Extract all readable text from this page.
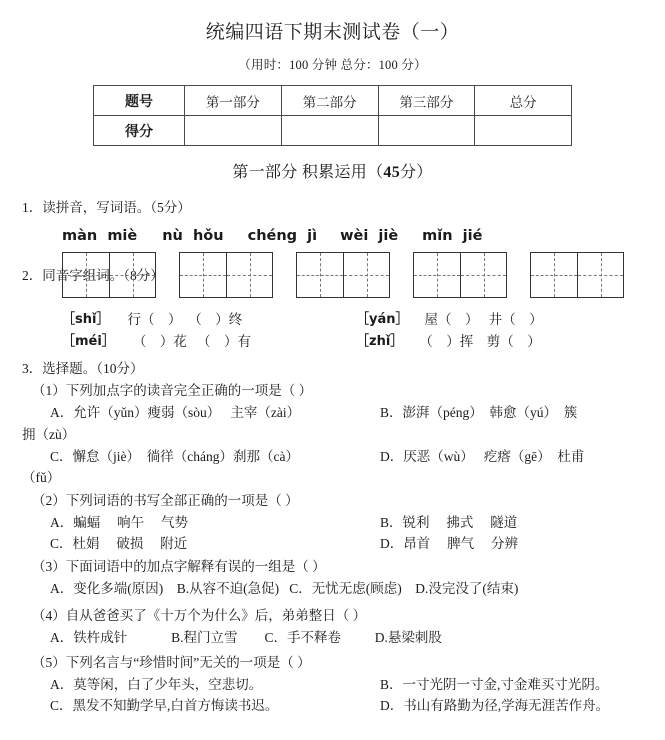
统编四语下期末测试卷（一）
（用时：100 分钟 总分：100 分）
题号	第一部分	第二部分	第三部分	总分
得分				
第一部分 积累运用（45分）
1．读拼音，写词语。（5分）
màn  miè nù  hǒu chéng  jì wèi  jiè mǐn  jié
2．同音字组词。（8分）
［shǐ］ 行（    ）  （    ）终	［yán］ 屋（    ）   井（    ）
［méi］ （    ）花   （    ）有	［zhǐ］ （    ）挥    剪（    ）
3．选择题。（10分）
（1）下列加点字的读音完全正确的一项是（ ）
A．允许（yǔn）瘦弱（sòu）   主宰（zài）	B．澎湃（péng）  韩愈（yú）  簇
拥（zù）
C．懈怠（jiè）  徜徉（cháng）刹那（cà）	D．厌恶（wù）   疙瘩（gē）  杜甫
（fǔ）
（2）下列词语的书写全部正确的一项是（ ）
A．蝙蝠     响午     气势	B．锐利     拂式     隧道
C．杜娟     破损     附近	D．昂首     脾气     分辨
（3）下面词语中的加点字解释有误的一组是（ ）
A．变化多端(原因)    B.从容不迫(急促)   C．无忧无虑(顾虑)    D.没完没了(结束)
（4）自从爸爸买了《十万个为什么》后，弟弟整日（ ）
A．铁杵成针             B.程门立雪        C．手不释卷          D.悬梁刺股
（5）下列名言与“珍惜时间”无关的一项是（ ）
A．莫等闲，白了少年头，空悲切。	B．一寸光阴一寸金,寸金难买寸光阴。
C．黑发不知勤学早,白首方悔读书迟。	D．书山有路勤为径,学海无涯苦作舟。
